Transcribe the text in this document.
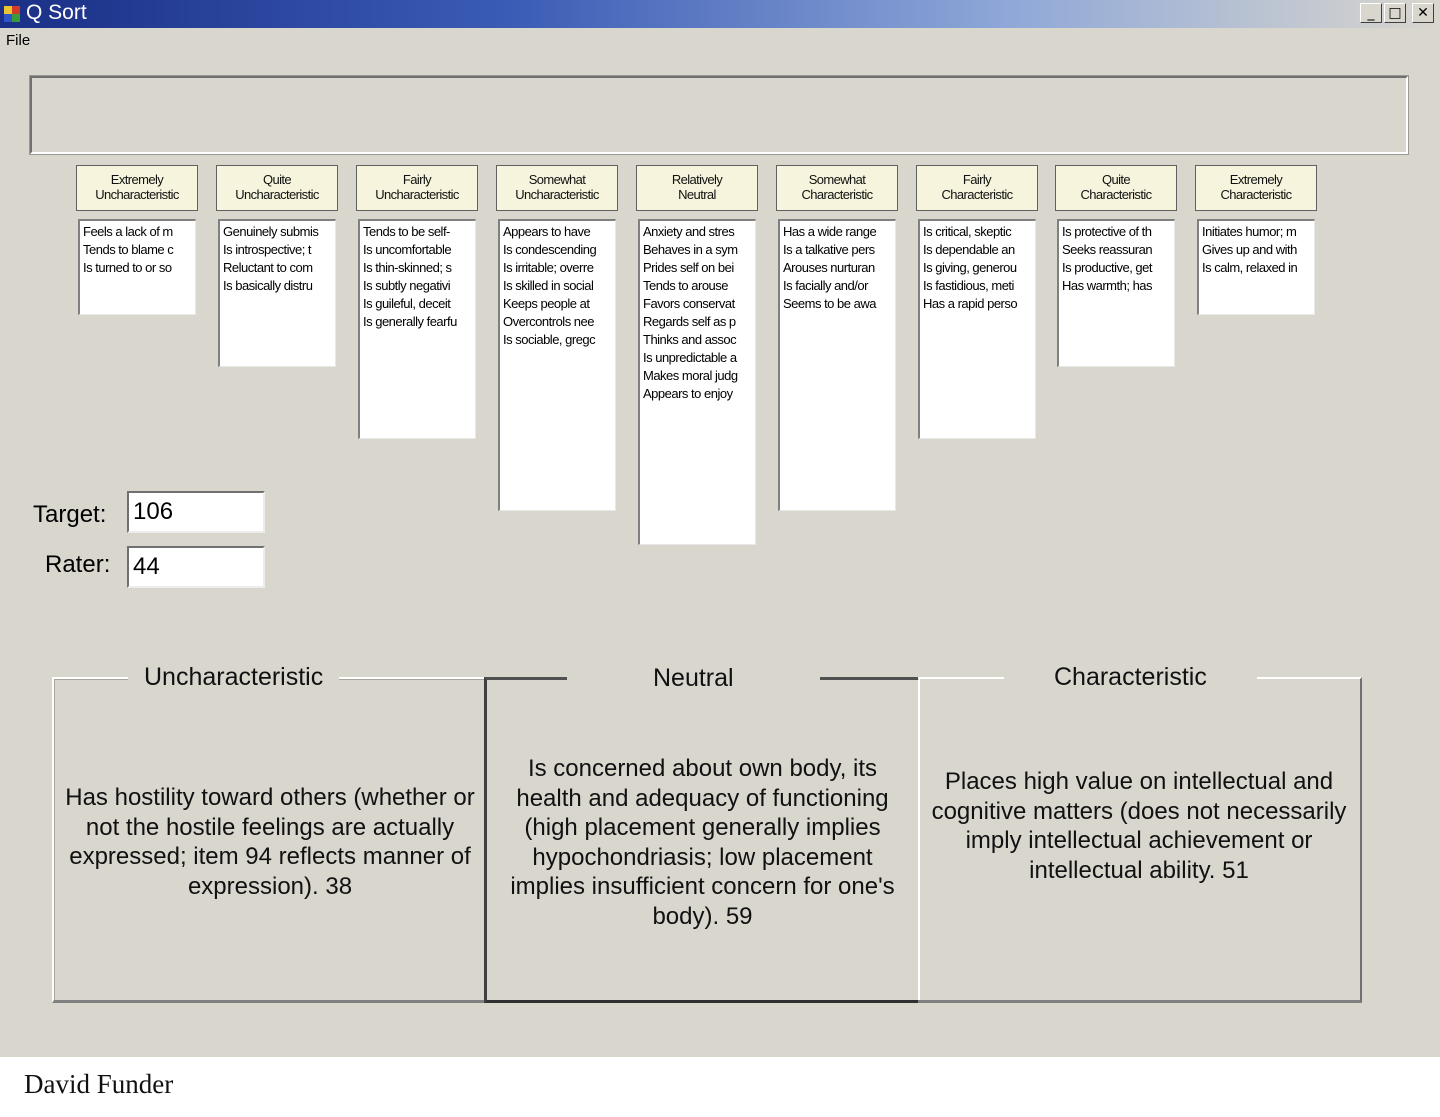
Q Sort	_ □	✕
File
Extremely
Uncharacteristic
Feels a lack of m
Tends to blame c
Is turned to or so
Quite
Uncharacteristic
Genuinely submis
Is introspective; t
Reluctant to com
Is basically distru
Fairly
Uncharacteristic
Tends to be self-
Is uncomfortable
Is thin-skinned; s
Is subtly negativi
Is guileful, deceit
Is generally fearfu
Somewhat
Uncharacteristic
Appears to have
Is condescending
Is irritable; overre
Is skilled in social
Keeps people at
Overcontrols nee
Is sociable, gregc
Relatively
Neutral
Anxiety and stres
Behaves in a sym
Prides self on bei
Tends to arouse
Favors conservat
Regards self as p
Thinks and assoc
Is unpredictable a
Makes moral judg
Appears to enjoy
Somewhat
Characteristic
Has a wide range
Is a talkative pers
Arouses nurturan
Is facially and/or
Seems to be awa
Fairly
Characteristic
Is critical, skeptic
Is dependable an
Is giving, generou
Is fastidious, meti
Has a rapid perso
Quite
Characteristic
Is protective of th
Seeks reassuran
Is productive, get
Has warmth; has
Extremely
Characteristic
Initiates humor; m
Gives up and with
Is calm, relaxed in
Target:
106
Rater:
44
Uncharacteristic
Has hostility toward others (whether or not the hostile feelings are actually expressed; item 94 reflects manner of expression). 38
Neutral
Is concerned about own body, its health and adequacy of functioning (high placement generally implies hypochondriasis; low placement implies insufficient concern for one's body). 59
Characteristic
Places high value on intellectual and cognitive matters (does not necessarily imply intellectual achievement or intellectual ability. 51
David Funder
